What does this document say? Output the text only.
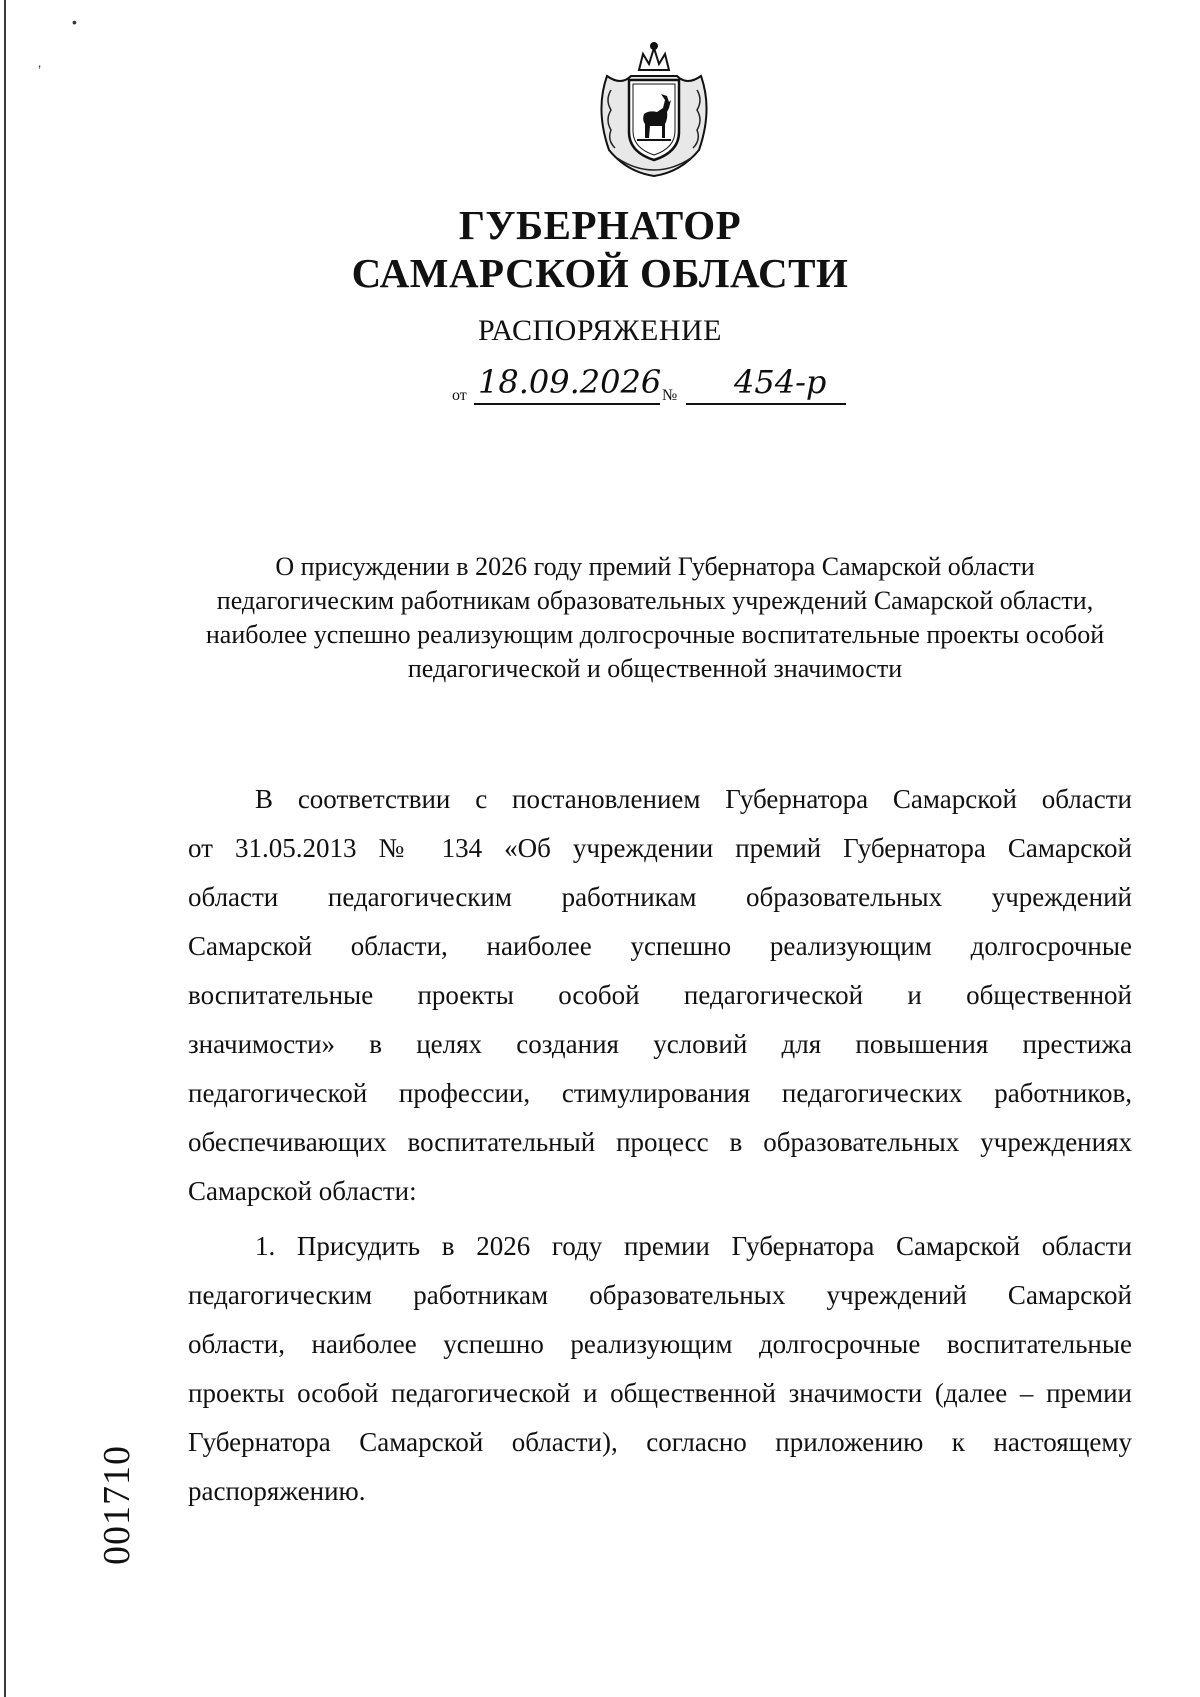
•
’
ГУБЕРНАТОР
САМАРСКОЙ ОБЛАСТИ
РАСПОРЯЖЕНИЕ
от 18.09.2026 № 454-р
О присуждении в 2026 году премий Губернатора Самарской области
педагогическим работникам образовательных учреждений Самарской области,
наиболее успешно реализующим долгосрочные воспитательные проекты особой
педагогической и общественной значимости
В соответствии с постановлением Губернатора Самарской области
от 31.05.2013 № 134 «Об учреждении премий Губернатора Самарской
области педагогическим работникам образовательных учреждений
Самарской области, наиболее успешно реализующим долгосрочные
воспитательные проекты особой педагогической и общественной
значимости» в целях создания условий для повышения престижа
педагогической профессии, стимулирования педагогических работников,
обеспечивающих воспитательный процесс в образовательных учреждениях
Самарской области:
1. Присудить в 2026 году премии Губернатора Самарской области
педагогическим работникам образовательных учреждений Самарской
области, наиболее успешно реализующим долгосрочные воспитательные
проекты особой педагогической и общественной значимости (далее – премии
Губернатора Самарской области), согласно приложению к настоящему
распоряжению.
001710
